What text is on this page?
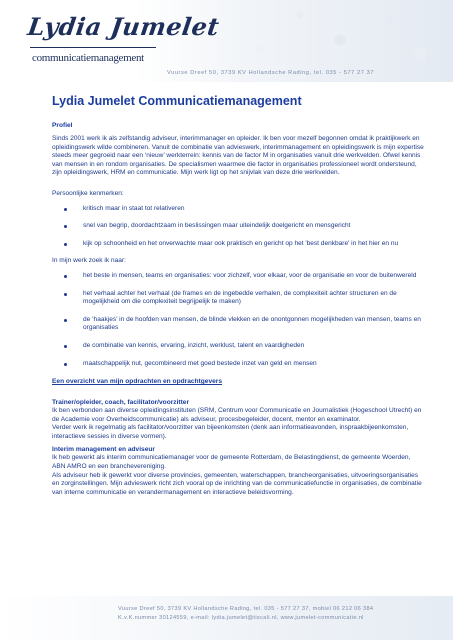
Lydia Jumelet
communicatiemanagement
Vuurse Dreef 50, 3739 KV Hollandsche Rading, tel. 035 - 577 27 37
Lydia Jumelet Communicatiemanagement
Profiel

Sinds 2001 werk ik als zelfstandig adviseur, interimmanager en opleider. Ik ben voor mezelf begonnen omdat ik praktijkwerk en opleidingswerk wilde combineren. Vanuit de combinatie van advieswerk, interimmanagement en opleidingswerk is mijn expertise steeds meer gegroeid naar een ‘nieuw’ werkterrein: kennis van de factor M in organisaties vanuit drie werkvelden. Ofwel kennis van mensen in en rondom organisaties. De specialismen waarmee die factor in organisaties professioneel wordt ondersteund, zijn opleidingswerk, HRM en communicatie. Mijn werk ligt op het snijvlak van deze drie werkvelden.

Persoonlijke kenmerken:

kritisch maar in staat tot relativeren
snel van begrip, doordachtzaam in beslissingen maar uiteindelijk doelgericht en mensgericht
kijk op schoonheid en het onverwachte maar ook praktisch en gericht op het 'best denkbare' in het hier en nu

In mijn werk zoek ik naar:

het beste in mensen, teams en organisaties: voor zichzelf, voor elkaar, voor de organisatie en voor de buitenwereld
het verhaal achter het verhaal (de frames en de ingebedde verhalen, de complexiteit achter structuren en de mogelijkheid om die complexiteit begrijpelijk te maken)
de ‘haakjes’ in de hoofden van mensen, de blinde vlekken en de onontgonnen mogelijkheden van mensen, teams en organisaties
de combinatie van kennis, ervaring, inzicht, werklust, talent en vaardigheden
maatschappelijk nut, gecombineerd met goed bestede inzet van geld en mensen
Een overzicht van mijn opdrachten en opdrachtgevers
Trainer/opleider, coach, facilitator/voorzitter

Ik ben verbonden aan diverse opleidingsinstituten (SRM, Centrum voor Communicatie en Journalistiek (Hogeschool Utrecht) en de Academie voor Overheidscommunicatie) als adviseur, procesbegeleider, docent, mentor en examinator.

Verder werk ik regelmatig als facilitator/voorzitter van bijeenkomsten (denk aan informatieavonden, inspraakbijeenkomsten, interactieve sessies in diverse vormen).

Interim management en adviseur

Ik heb gewerkt als interim communicatiemanager voor de gemeente Rotterdam, de Belastingdienst, de gemeente Woerden, ABN AMRO en een branchevereniging.

Als adviseur heb ik gewerkt voor diverse provincies, gemeenten, waterschappen, brancheorganisaties, uitvoeringsorganisaties en zorginstellingen. Mijn advieswerk richt zich vooral op de inrichting van de communicatiefunctie in organisaties, de combinatie van interne communicatie en verandermanagement en interactieve beleidsvorming.

Vuurse Dreef 50, 3739 KV Hollandsche Rading, tel. 035 - 577 27 37, mobiel 06 212 06 384
K.v.K.nummer 30124559, e-mail: lydia.jumelet@tiscali.nl, www.jumelet-communicatie.nl
